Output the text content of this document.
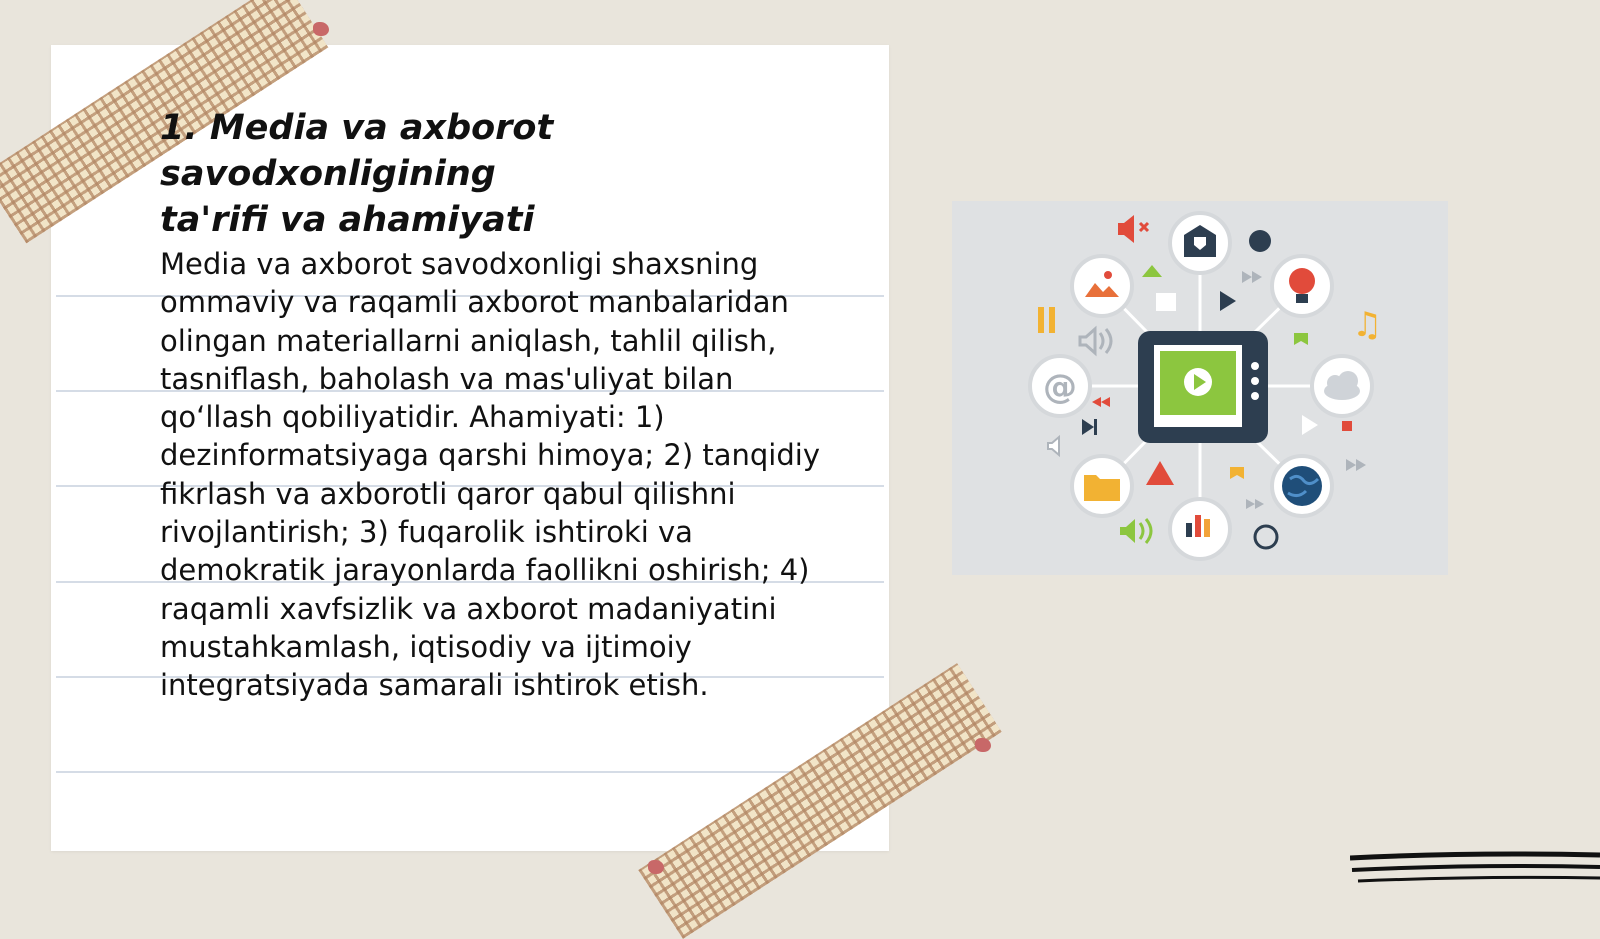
1. Media va axborot savodxonligining
ta'rifi va ahamiyati

Media va axborot savodxonligi shaxsning
ommaviy va raqamli axborot manbalaridan
olingan materiallarni aniqlash, tahlil qilish,
tasniflash, baholash va mas'uliyat bilan
qo‘llash qobiliyatidir. Ahamiyati: 1)
dezinformatsiyaga qarshi himoya; 2) tanqidiy
fikrlash va axborotli qaror qabul qilishni
rivojlantirish; 3) fuqarolik ishtiroki va
demokratik jarayonlarda faollikni oshirish; 4)
raqamli xavfsizlik va axborot madaniyatini
mustahkamlash, iqtisodiy va ijtimoiy
integratsiyada samarali ishtirok etish.

@
♫
